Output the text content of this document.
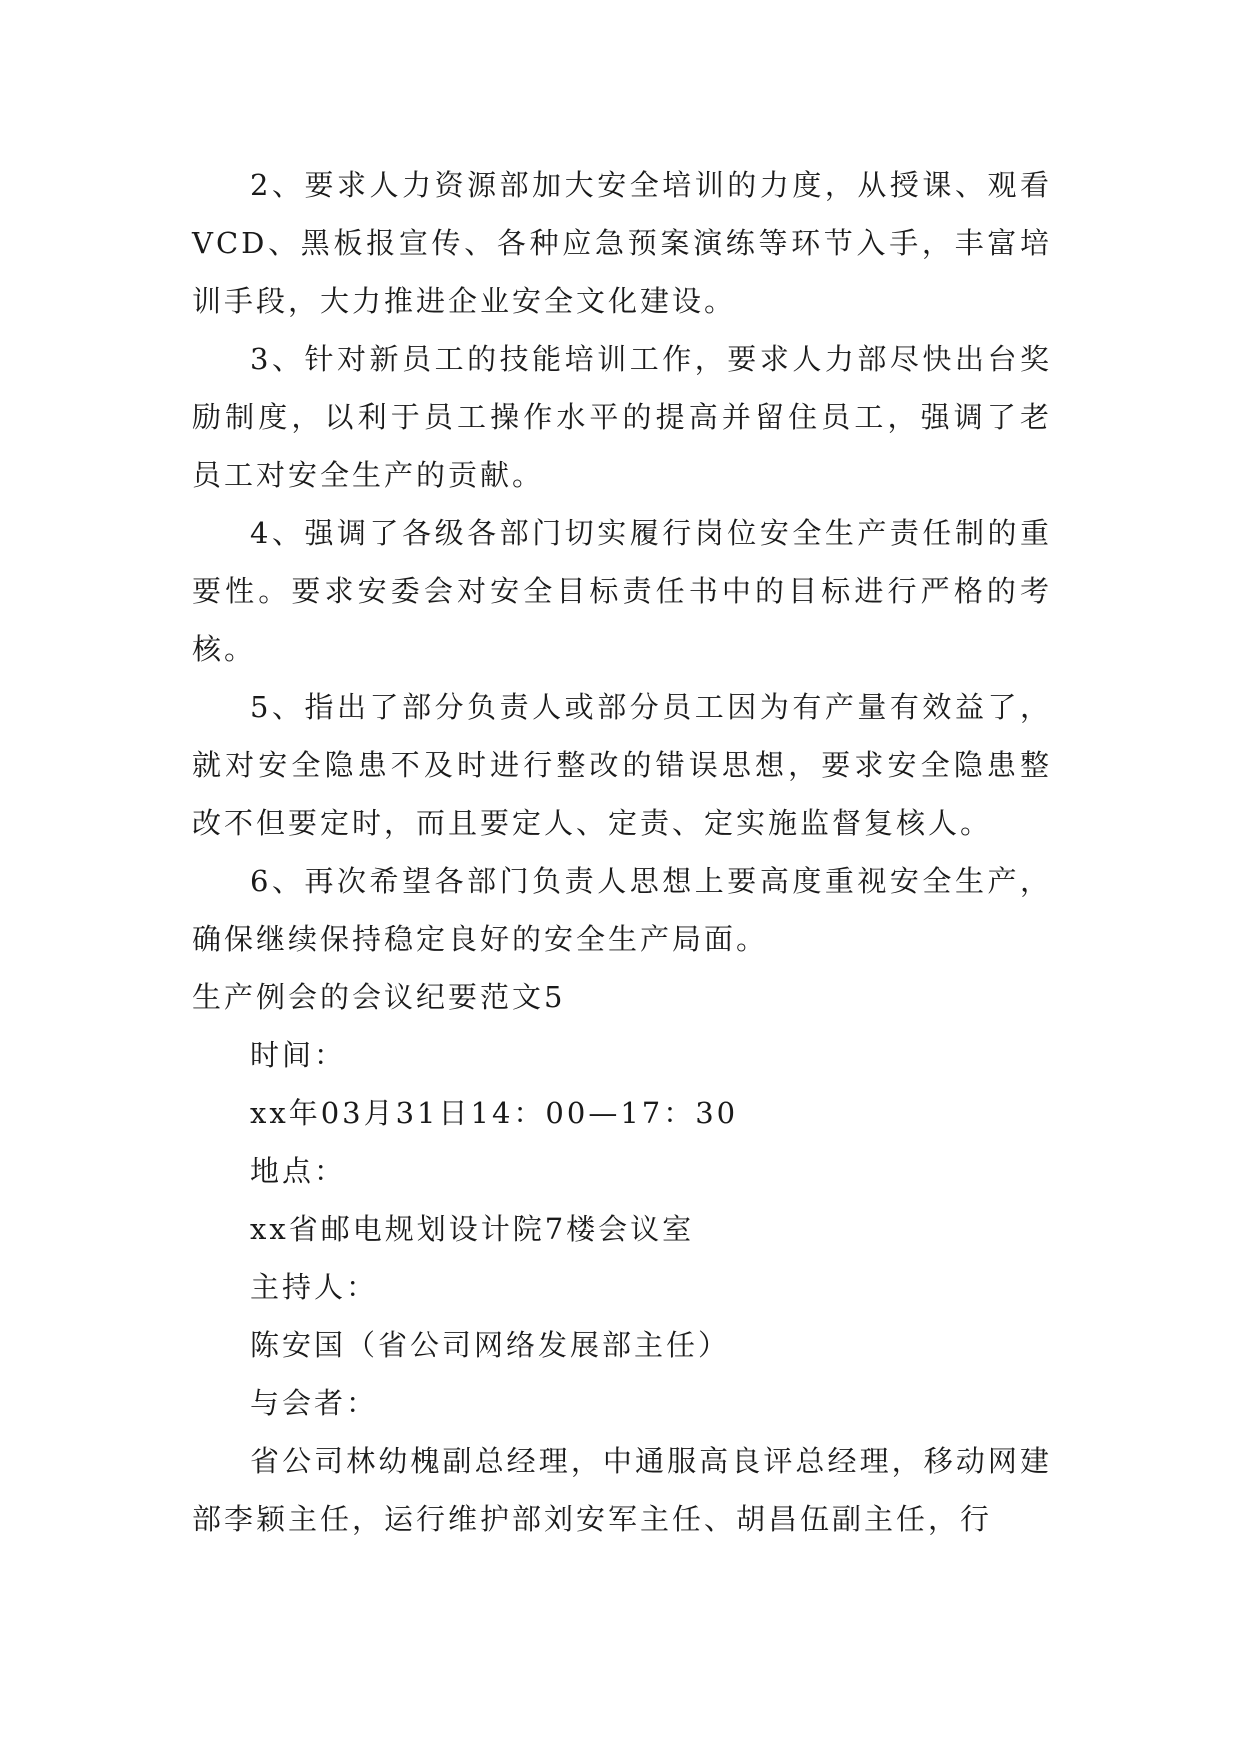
2、要求人力资源部加大安全培训的力度，从授课、观看VCD、黑板报宣传、各种应急预案演练等环节入手，丰富培训手段，大力推进企业安全文化建设。

3、针对新员工的技能培训工作，要求人力部尽快出台奖励制度，以利于员工操作水平的提高并留住员工，强调了老员工对安全生产的贡献。

4、强调了各级各部门切实履行岗位安全生产责任制的重要性。要求安委会对安全目标责任书中的目标进行严格的考核。

5、指出了部分负责人或部分员工因为有产量有效益了，就对安全隐患不及时进行整改的错误思想，要求安全隐患整改不但要定时，而且要定人、定责、定实施监督复核人。

6、再次希望各部门负责人思想上要高度重视安全生产，确保继续保持稳定良好的安全生产局面。

生产例会的会议纪要范文5

时间：

xx年03月31日14：00—17：30

地点：

xx省邮电规划设计院7楼会议室

主持人：

陈安国（省公司网络发展部主任）

与会者：

省公司林幼槐副总经理，中通服高良评总经理，移动网建部李颖主任，运行维护部刘安军主任、胡昌伍副主任，行
